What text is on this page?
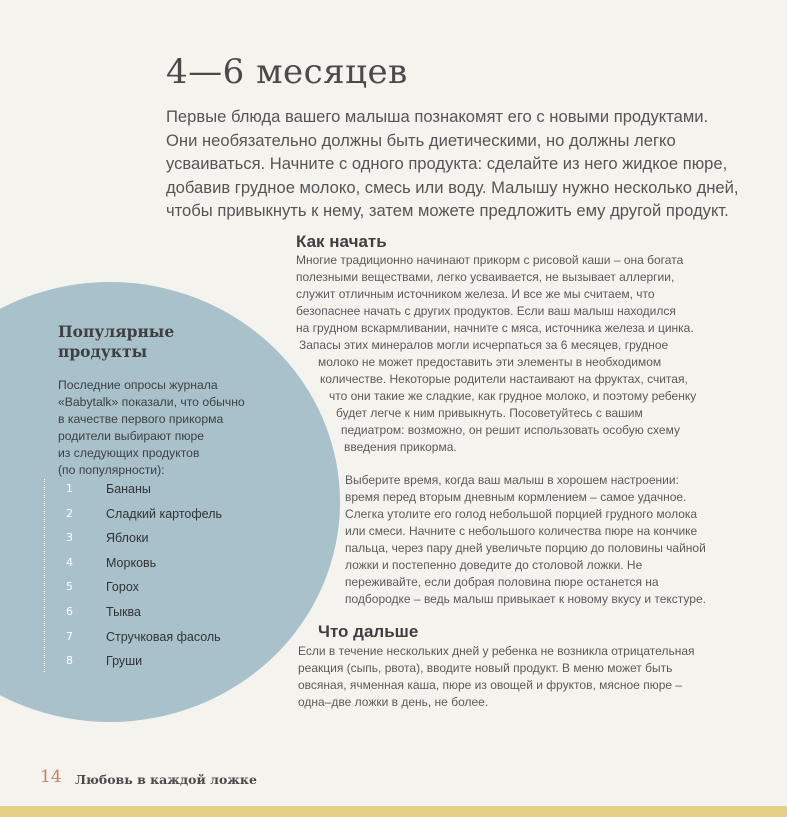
4—6 месяцев
Первые блюда вашего малыша познакомят его с новыми продуктами.
Они необязательно должны быть диетическими, но должны легко
усваиваться. Начните с одного продукта: сделайте из него жидкое пюре,
добавив грудное молоко, смесь или воду. Малышу нужно несколько дней,
чтобы привыкнуть к нему, затем можете предложить ему другой продукт.
Как начать
Многие традиционно начинают прикорм с рисовой каши – она богата
полезными веществами, легко усваивается, не вызывает аллергии,
служит отличным источником железа. И все же мы считаем, что
безопаснее начать с других продуктов. Если ваш малыш находился
на грудном вскармливании, начните с мяса, источника железа и цинка.
Запасы этих минералов могли исчерпаться за 6 месяцев, грудное
молоко не может предоставить эти элементы в необходимом
количестве. Некоторые родители настаивают на фруктах, считая,
что они такие же сладкие, как грудное молоко, и поэтому ребенку
будет легче к ним привыкнуть. Посоветуйтесь с вашим
педиатром: возможно, он решит использовать особую схему
введения прикорма.
Выберите время, когда ваш малыш в хорошем настроении:
время перед вторым дневным кормлением – самое удачное.
Слегка утолите его голод небольшой порцией грудного молока
или смеси. Начните с небольшого количества пюре на кончике
пальца, через пару дней увеличьте порцию до половины чайной
ложки и постепенно доведите до столовой ложки. Не
переживайте, если добрая половина пюре останется на
подбородке – ведь малыш привыкает к новому вкусу и текстуре.
Что дальше
Если в течение нескольких дней у ребенка не возникла отрицательная
реакция (сыпь, рвота), вводите новый продукт. В меню может быть
овсяная, ячменная каша, пюре из овощей и фруктов, мясное пюре –
одна–две ложки в день, не более.
Популярные
продукты
Последние опросы журнала
«Babytalk» показали, что обычно
в качестве первого прикорма
родители выбирают пюре
из следующих продуктов
(по популярности):
1	Бананы
2	Сладкий картофель
3	Яблоки
4	Морковь
5	Горох
6	Тыква
7	Стручковая фасоль
8	Груши
14 Любовь в каждой ложке
